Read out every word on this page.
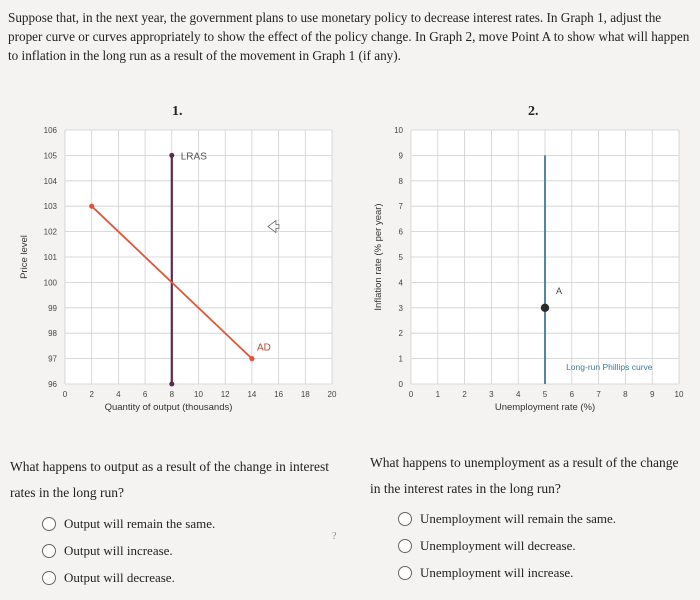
Suppose that, in the next year, the government plans to use monetary policy to decrease interest rates. In Graph 1, adjust the proper curve or curves appropriately to show the effect of the policy change. In Graph 2, move Point A to show what will happen to inflation in the long run as a result of the movement in Graph 1 (if any).
1.	2.
0	2	4	6	8	10 12 14 16 18 20
96
97
98
99
100
101
102
103
104
105
106
Quantity of output (thousands)
Price level
0	1	2	3	4	5	6	7	8	9	10
0
1
2
3
4
5
6
7
8
9
10
Unemployment rate (%)
Inflation rate (% per year)
LRAS
AD
Long-run Phillips curve
A
What happens to output as a result of the change in interest rates in the long run?
What happens to unemployment as a result of the change in the interest rates in the long run?
Output will remain the same.
Output will increase.
Output will decrease.
Unemployment will remain the same.
Unemployment will decrease.
Unemployment will increase.
?
